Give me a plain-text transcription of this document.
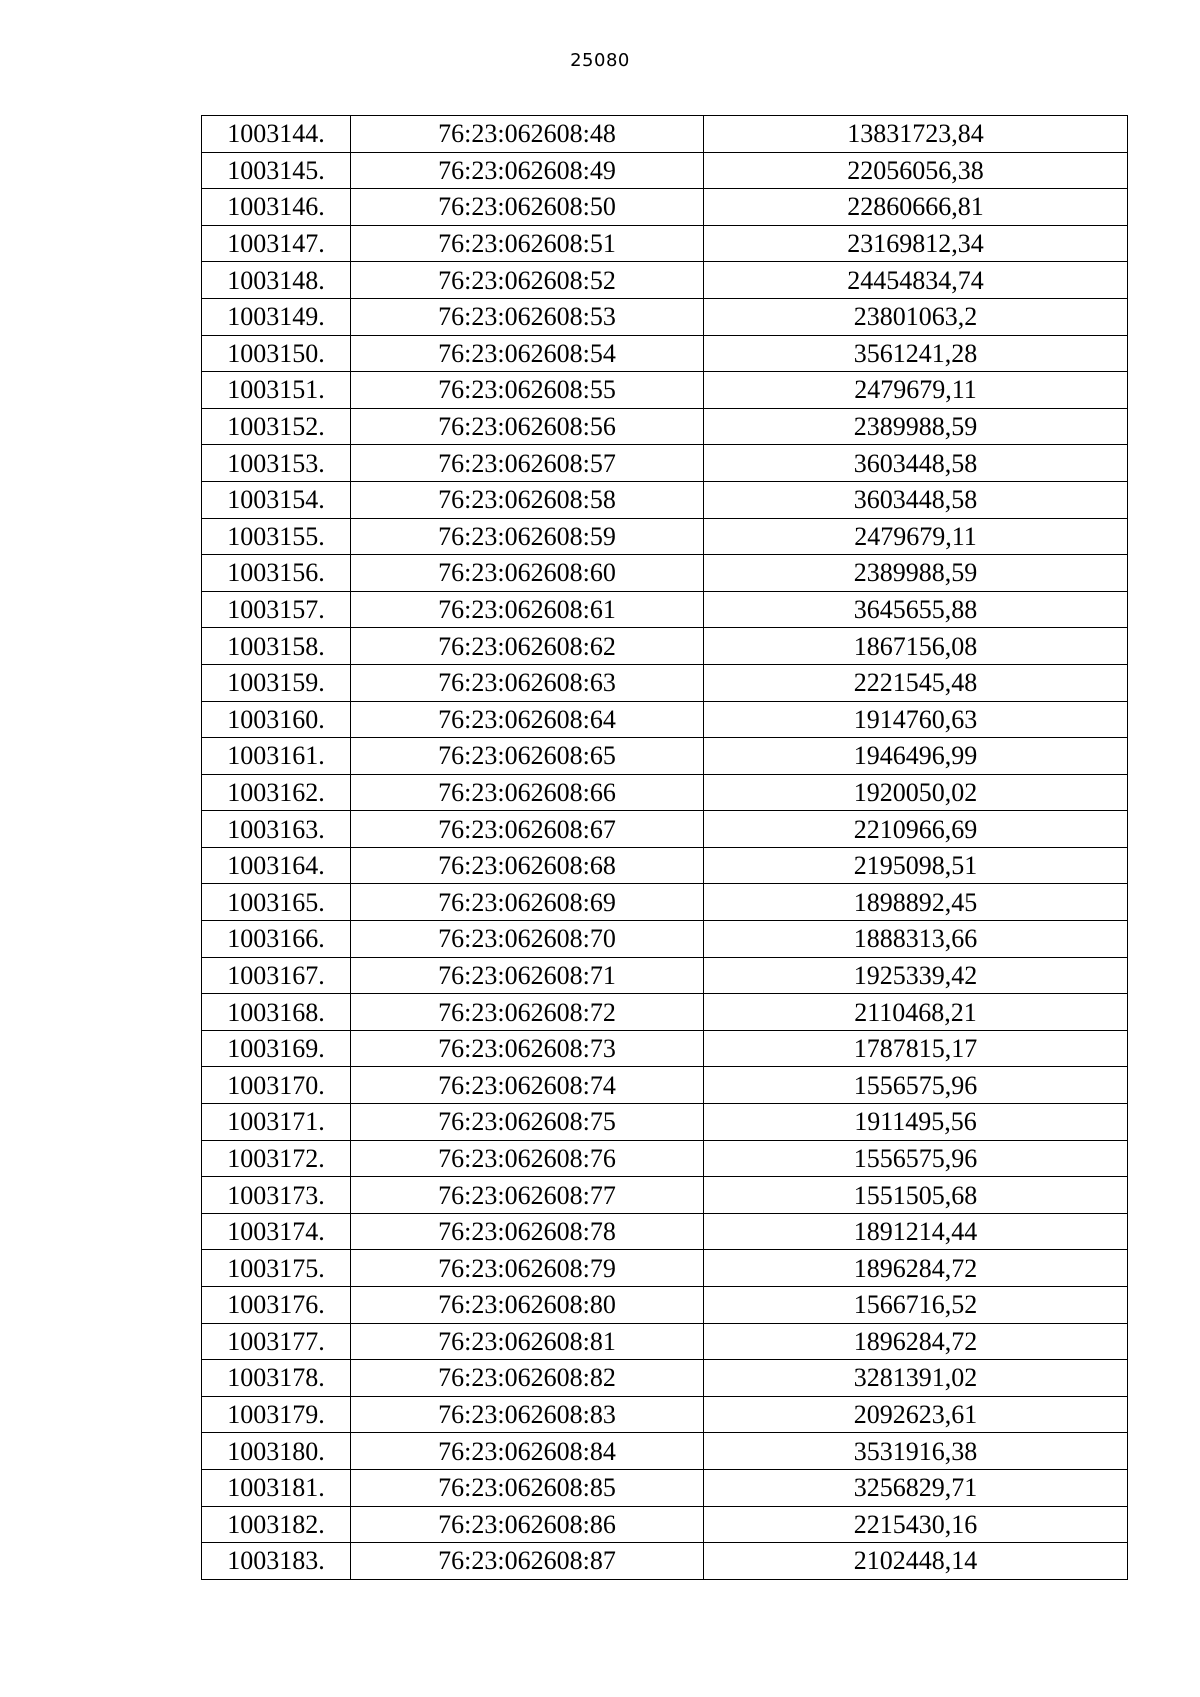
25080
1003144.	76:23:062608:48	13831723,84
1003145.	76:23:062608:49	22056056,38
1003146.	76:23:062608:50	22860666,81
1003147.	76:23:062608:51	23169812,34
1003148.	76:23:062608:52	24454834,74
1003149.	76:23:062608:53	23801063,2
1003150.	76:23:062608:54	3561241,28
1003151.	76:23:062608:55	2479679,11
1003152.	76:23:062608:56	2389988,59
1003153.	76:23:062608:57	3603448,58
1003154.	76:23:062608:58	3603448,58
1003155.	76:23:062608:59	2479679,11
1003156.	76:23:062608:60	2389988,59
1003157.	76:23:062608:61	3645655,88
1003158.	76:23:062608:62	1867156,08
1003159.	76:23:062608:63	2221545,48
1003160.	76:23:062608:64	1914760,63
1003161.	76:23:062608:65	1946496,99
1003162.	76:23:062608:66	1920050,02
1003163.	76:23:062608:67	2210966,69
1003164.	76:23:062608:68	2195098,51
1003165.	76:23:062608:69	1898892,45
1003166.	76:23:062608:70	1888313,66
1003167.	76:23:062608:71	1925339,42
1003168.	76:23:062608:72	2110468,21
1003169.	76:23:062608:73	1787815,17
1003170.	76:23:062608:74	1556575,96
1003171.	76:23:062608:75	1911495,56
1003172.	76:23:062608:76	1556575,96
1003173.	76:23:062608:77	1551505,68
1003174.	76:23:062608:78	1891214,44
1003175.	76:23:062608:79	1896284,72
1003176.	76:23:062608:80	1566716,52
1003177.	76:23:062608:81	1896284,72
1003178.	76:23:062608:82	3281391,02
1003179.	76:23:062608:83	2092623,61
1003180.	76:23:062608:84	3531916,38
1003181.	76:23:062608:85	3256829,71
1003182.	76:23:062608:86	2215430,16
1003183.	76:23:062608:87	2102448,14
